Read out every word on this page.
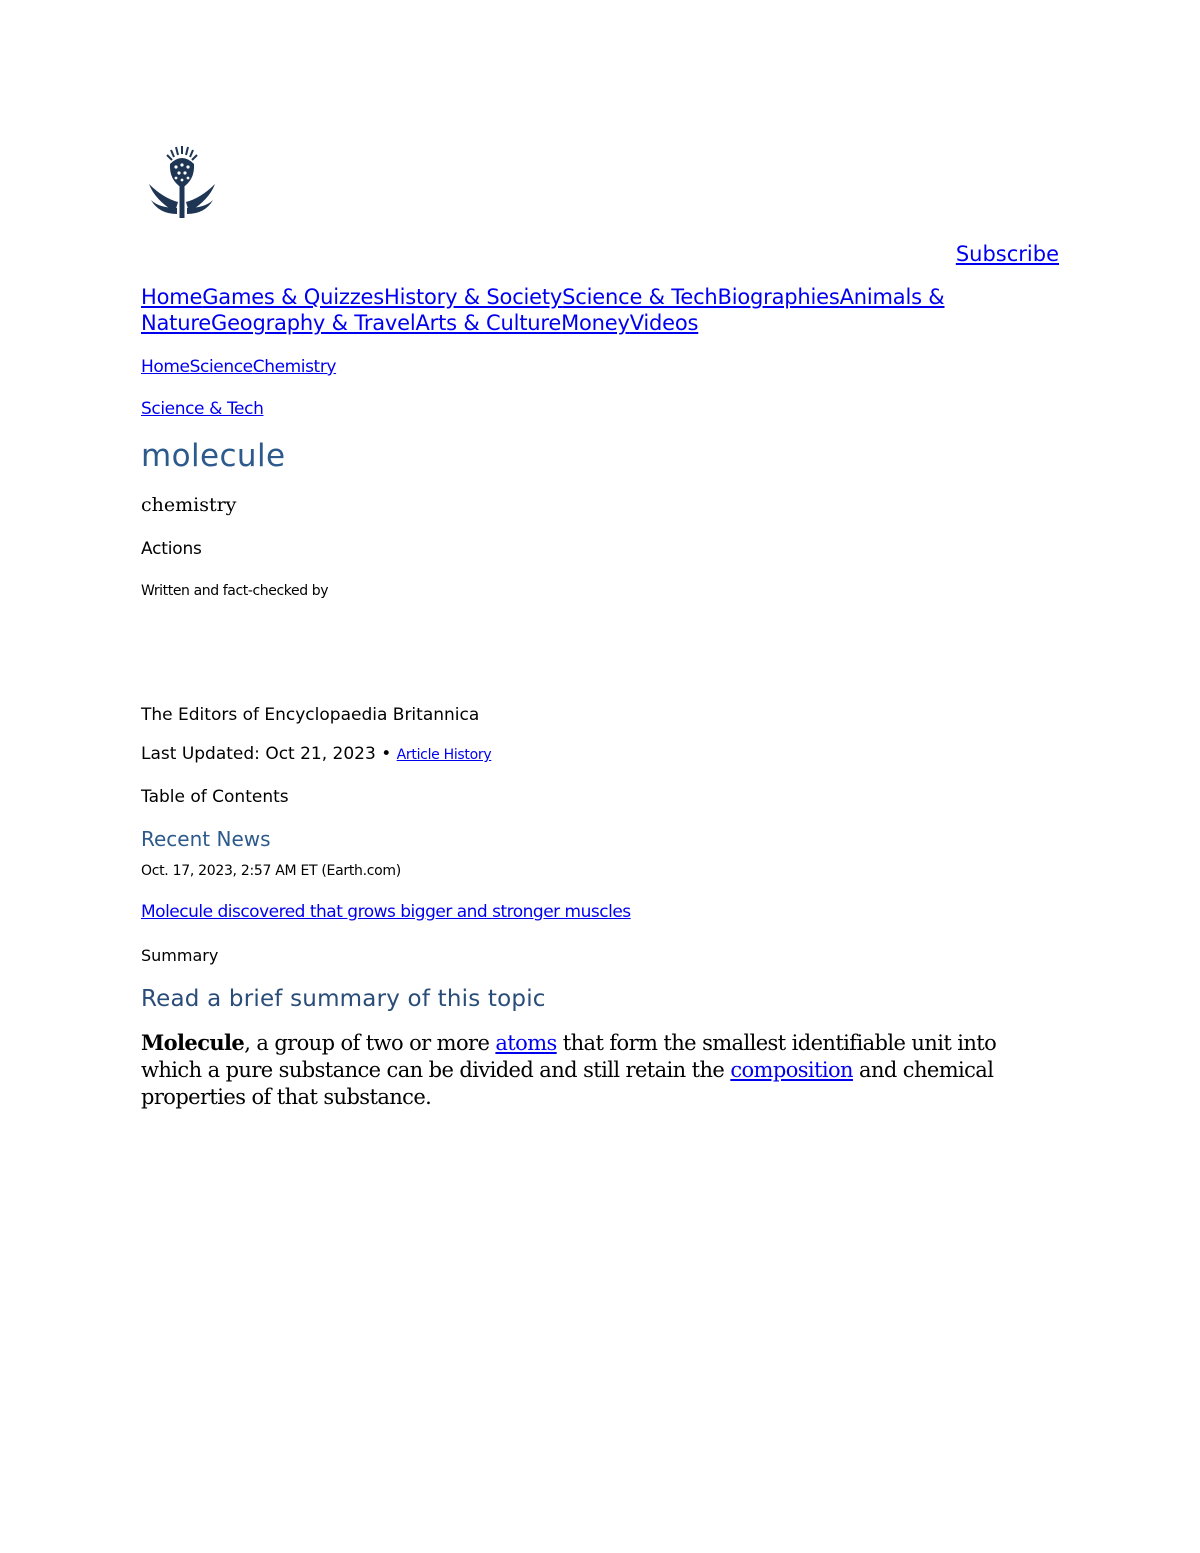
Subscribe
HomeGames & QuizzesHistory & SocietyScience & TechBiographiesAnimals & NatureGeography & TravelArts & CultureMoneyVideos
HomeScienceChemistry
Science & Tech
molecule
chemistry
Actions
Written and fact-checked by
The Editors of Encyclopaedia Britannica
Last Updated: Oct 21, 2023 • Article History
Table of Contents
Recent News
Oct. 17, 2023, 2:57 AM ET (Earth.com)
Molecule discovered that grows bigger and stronger muscles
Summary
Read a brief summary of this topic

Molecule, a group of two or more atoms that form the smallest identifiable unit into which a pure substance can be divided and still retain the composition and chemical properties of that substance.
